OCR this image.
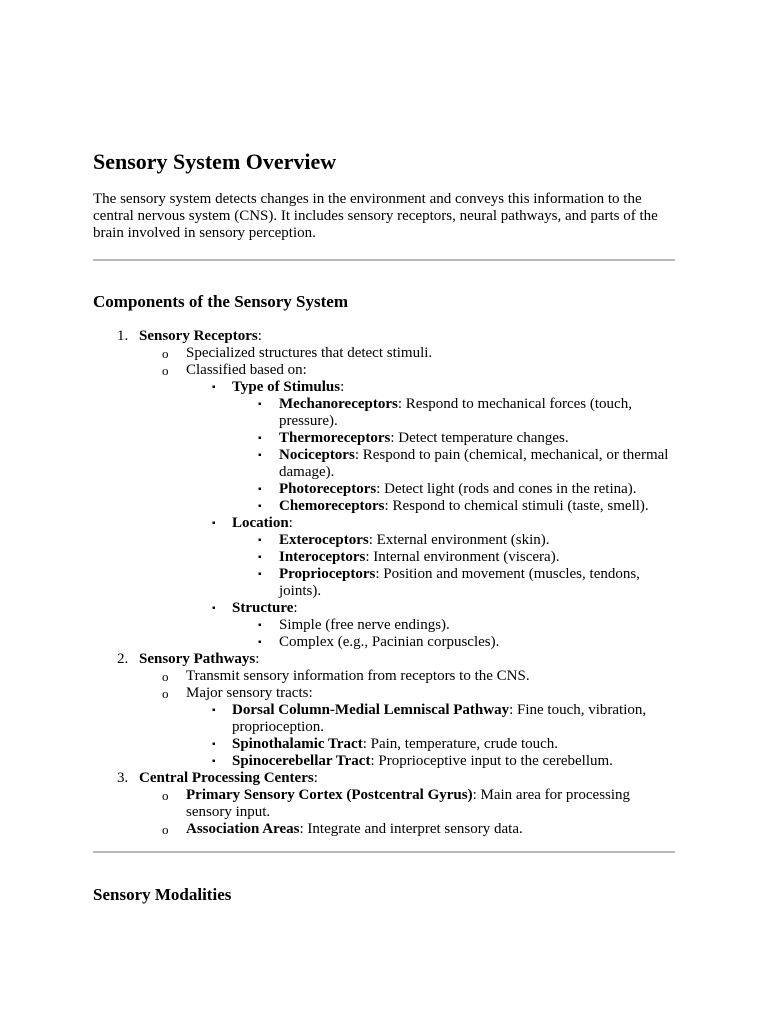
Sensory System Overview

The sensory system detects changes in the environment and conveys this information to the central nervous system (CNS). It includes sensory receptors, neural pathways, and parts of the brain involved in sensory perception.

Components of the Sensory System
1. Sensory Receptors:
o Specialized structures that detect stimuli.
o Classified based on:
▪ Type of Stimulus:
▪ Mechanoreceptors: Respond to mechanical forces (touch, pressure).
▪ Thermoreceptors: Detect temperature changes.
▪ Nociceptors: Respond to pain (chemical, mechanical, or thermal damage).
▪ Photoreceptors: Detect light (rods and cones in the retina).
▪ Chemoreceptors: Respond to chemical stimuli (taste, smell).
▪ Location:
▪ Exteroceptors: External environment (skin).
▪ Interoceptors: Internal environment (viscera).
▪ Proprioceptors: Position and movement (muscles, tendons, joints).
▪ Structure:
▪ Simple (free nerve endings).
▪ Complex (e.g., Pacinian corpuscles).
2. Sensory Pathways:
o Transmit sensory information from receptors to the CNS.
o Major sensory tracts:
▪ Dorsal Column-Medial Lemniscal Pathway: Fine touch, vibration, proprioception.
▪ Spinothalamic Tract: Pain, temperature, crude touch.
▪ Spinocerebellar Tract: Proprioceptive input to the cerebellum.
3. Central Processing Centers:
o Primary Sensory Cortex (Postcentral Gyrus): Main area for processing sensory input.
o Association Areas: Integrate and interpret sensory data.
Sensory Modalities
